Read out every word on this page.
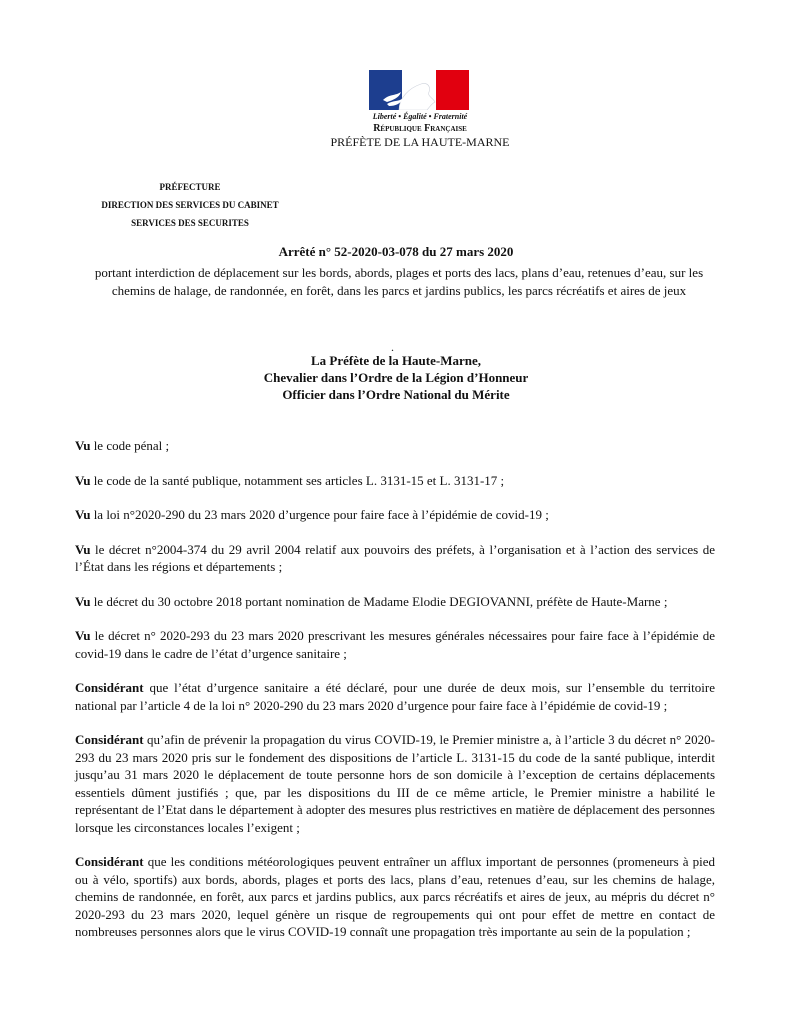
Liberté • Égalité • Fraternité
République Française
PRÉFÈTE DE LA HAUTE-MARNE
PRÉFECTURE
DIRECTION DES SERVICES DU CABINET
SERVICES DES SECURITES
Arrêté n° 52-2020-03-078 du 27 mars 2020
portant interdiction de déplacement sur les bords, abords, plages et ports des lacs, plans d’eau, retenues d’eau, sur les chemins de halage, de randonnée, en forêt, dans les parcs et jardins publics, les parcs récréatifs et aires de jeux
.
La Préfète de la Haute-Marne,
Chevalier dans l’Ordre de la Légion d’Honneur
Officier dans l’Ordre National du Mérite

Vu le code pénal ;

Vu le code de la santé publique, notamment ses articles L. 3131-15 et L. 3131-17 ;

Vu la loi n°2020-290 du 23 mars 2020 d’urgence pour faire face à l’épidémie de covid-19 ;

Vu le décret n°2004-374 du 29 avril 2004 relatif aux pouvoirs des préfets, à l’organisation et à l’action des services de l’État dans les régions et départements ;

Vu le décret du 30 octobre 2018 portant nomination de Madame Elodie DEGIOVANNI, préfète de Haute-Marne ;

Vu le décret n° 2020-293 du 23 mars 2020 prescrivant les mesures générales nécessaires pour faire face à l’épidémie de covid-19 dans le cadre de l’état d’urgence sanitaire ;

Considérant que l’état d’urgence sanitaire a été déclaré, pour une durée de deux mois, sur l’ensemble du territoire national par l’article 4 de la loi n° 2020-290 du 23 mars 2020 d’urgence pour faire face à l’épidémie de covid-19 ;

Considérant qu’afin de prévenir la propagation du virus COVID-19, le Premier ministre a, à l’article 3 du décret n° 2020-293 du 23 mars 2020 pris sur le fondement des dispositions de l’article L. 3131-15 du code de la santé publique, interdit jusqu’au 31 mars 2020 le déplacement de toute personne hors de son domicile à l’exception de certains déplacements essentiels dûment justifiés ; que, par les dispositions du III de ce même article, le Premier ministre a habilité le représentant de l’Etat dans le département à adopter des mesures plus restrictives en matière de déplacement des personnes lorsque les circonstances locales l’exigent ;

Considérant que les conditions météorologiques peuvent entraîner un afflux important de personnes (promeneurs à pied ou à vélo, sportifs) aux bords, abords, plages et ports des lacs, plans d’eau, retenues d’eau, sur les chemins de halage, chemins de randonnée, en forêt, aux parcs et jardins publics, aux parcs récréatifs et aires de jeux, au mépris du décret n° 2020-293 du 23 mars 2020, lequel génère un risque de regroupements qui ont pour effet de mettre en contact de nombreuses personnes alors que le virus COVID-19 connaît une propagation très importante au sein de la population ;
